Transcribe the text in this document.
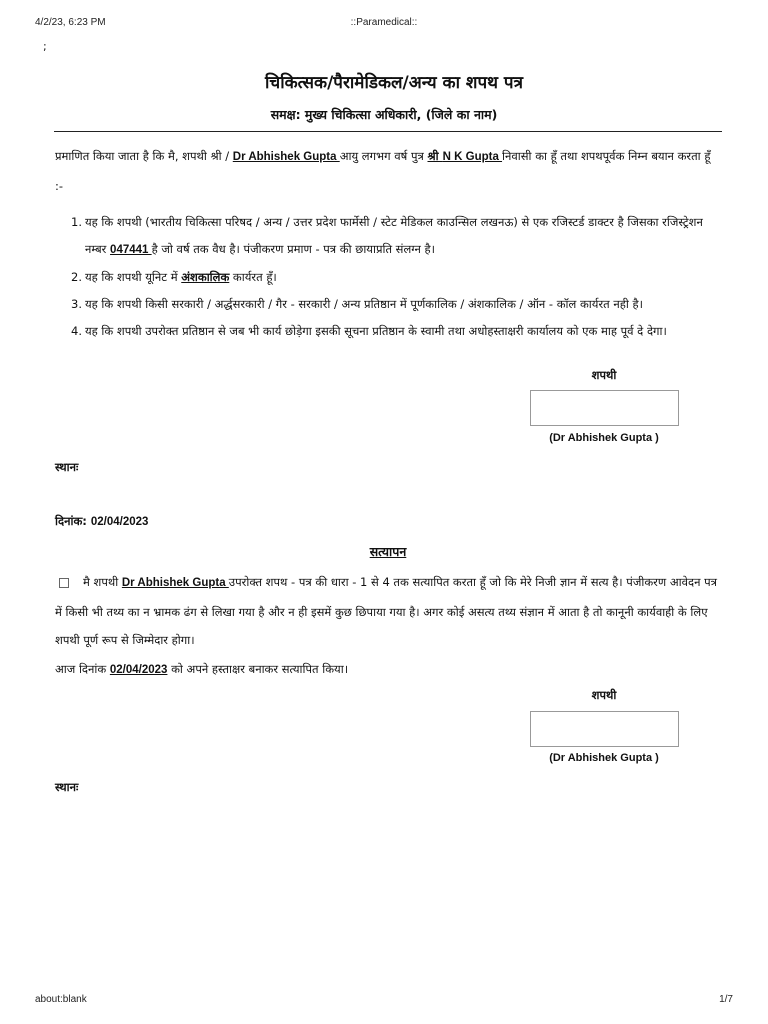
4/2/23, 6:23 PM	::Paramedical::
;
चिकित्सक/पैरामेडिकल/अन्य का शपथ पत्र
समक्ष: मुख्य चिकित्सा अधिकारी, (जिले का नाम)
प्रमाणित किया जाता है कि मै, शपथी श्री / Dr Abhishek Gupta आयु लगभग वर्ष पुत्र श्री N K Gupta निवासी का हूँ तथा शपथपूर्वक निम्न बयान करता हूँ :-
1. यह कि शपथी (भारतीय चिकित्सा परिषद / अन्य / उत्तर प्रदेश फार्मेसी / स्टेट मेडिकल काउन्सिल लखनऊ) से एक रजिस्टर्ड डाक्टर है जिसका रजिस्ट्रेशन नम्बर 047441 है जो वर्ष तक वैध है। पंजीकरण प्रमाण - पत्र की छायाप्रति संलग्न है।
2. यह कि शपथी यूनिट में अंशकालिक कार्यरत हूँ।
3. यह कि शपथी किसी सरकारी / अर्द्धसरकारी / गैर - सरकारी / अन्य प्रतिष्ठान में पूर्णकालिक / अंशकालिक / ऑन - कॉल कार्यरत नही है।
4. यह कि शपथी उपरोक्त प्रतिष्ठान से जब भी कार्य छोड़ेगा इसकी सूचना प्रतिष्ठान के स्वामी तथा अधोहस्ताक्षरी कार्यालय को एक माह पूर्व दे देगा।
शपथी
(Dr Abhishek Gupta )
स्थानः
दिनांक: 02/04/2023
सत्यापन
मै शपथी Dr Abhishek Gupta उपरोक्त शपथ - पत्र की धारा - 1 से 4 तक सत्यापित करता हूँ जो कि मेरे निजी ज्ञान में सत्य है। पंजीकरण आवेदन पत्र में किसी भी तथ्य का न भ्रामक ढंग से लिखा गया है और न ही इसमें कुछ छिपाया गया है। अगर कोई असत्य तथ्य संज्ञान में आता है तो कानूनी कार्यवाही के लिए शपथी पूर्ण रूप से जिम्मेदार होगा।
आज दिनांक 02/04/2023 को अपने हस्ताक्षर बनाकर सत्यापित किया।
शपथी
(Dr Abhishek Gupta )
स्थानः
about:blank	1/7
